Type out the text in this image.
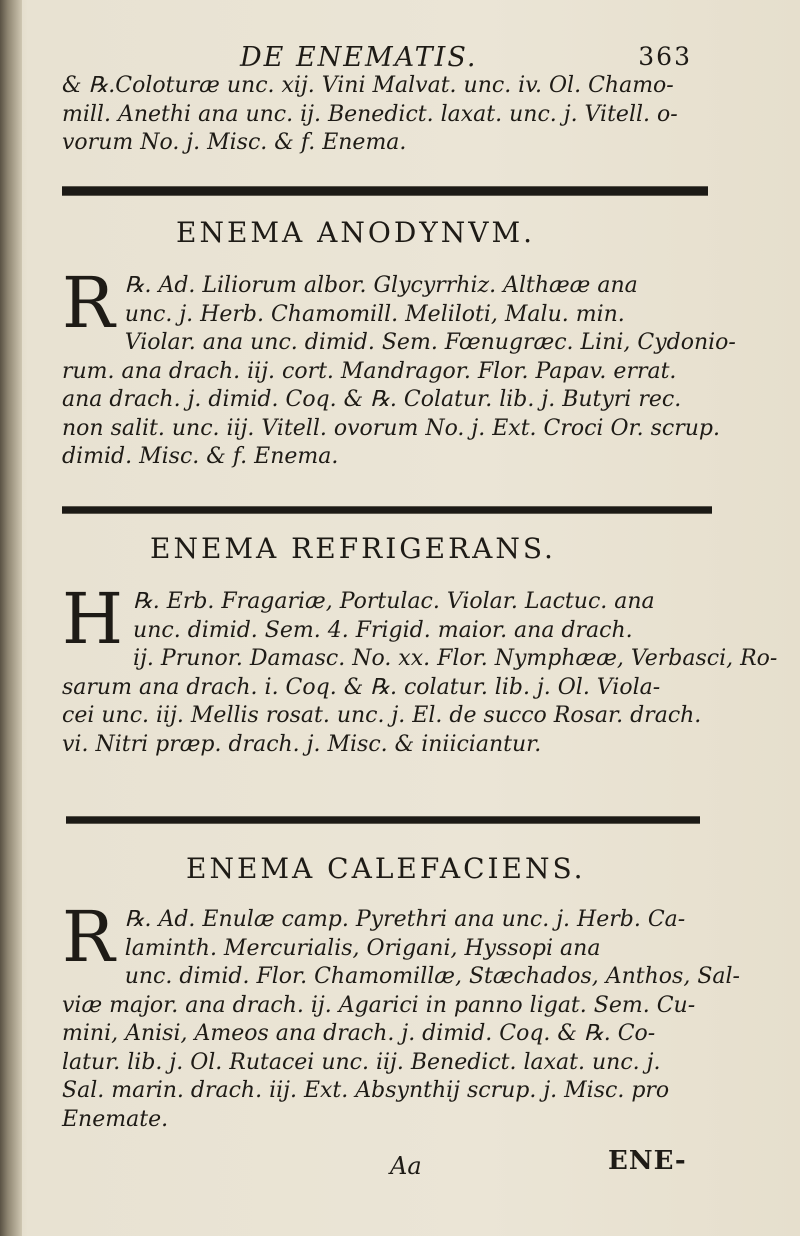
DE ENEMATIS.	363
& ℞.Coloturæ unc. xij. Vini Malvat. unc. iv. Ol. Chamo-
mill. Anethi ana unc. ij. Benedict. laxat. unc. j. Vitell. o-
vorum No. j. Misc. & f. Enema.
ENEMA ANODYNVM.
R ℞. Ad. Liliorum albor. Glycyrrhiz. Althææ ana
unc. j. Herb. Chamomill. Meliloti, Malu. min.
Violar. ana unc. dimid. Sem. Fœnugræc. Lini, Cydonio-
rum. ana drach. iij. cort. Mandragor. Flor. Papav. errat.
ana drach. j. dimid. Coq. & ℞. Colatur. lib. j. Butyri rec.
non salit. unc. iij. Vitell. ovorum No. j. Ext. Croci Or. scrup.
dimid. Misc. & f. Enema.
ENEMA REFRIGERANS.
H ℞. Erb. Fragariæ, Portulac. Violar. Lactuc. ana
unc. dimid. Sem. 4. Frigid. maior. ana drach.
ij. Prunor. Damasc. No. xx. Flor. Nymphææ, Verbasci, Ro-
sarum ana drach. i. Coq. & ℞. colatur. lib. j. Ol. Viola-
cei unc. iij. Mellis rosat. unc. j. El. de succo Rosar. drach.
vi. Nitri præp. drach. j. Misc. & iniiciantur.
ENEMA CALEFACIENS.
R ℞. Ad. Enulæ camp. Pyrethri ana unc. j. Herb. Ca-
laminth. Mercurialis, Origani, Hyssopi ana
unc. dimid. Flor. Chamomillæ, Stæchados, Anthos, Sal-
viæ major. ana drach. ij. Agarici in panno ligat. Sem. Cu-
mini, Anisi, Ameos ana drach. j. dimid. Coq. & ℞. Co-
latur. lib. j. Ol. Rutacei unc. iij. Benedict. laxat. unc. j.
Sal. marin. drach. iij. Ext. Absynthij scrup. j. Misc. pro
Enemate.
Aa	ENE-
